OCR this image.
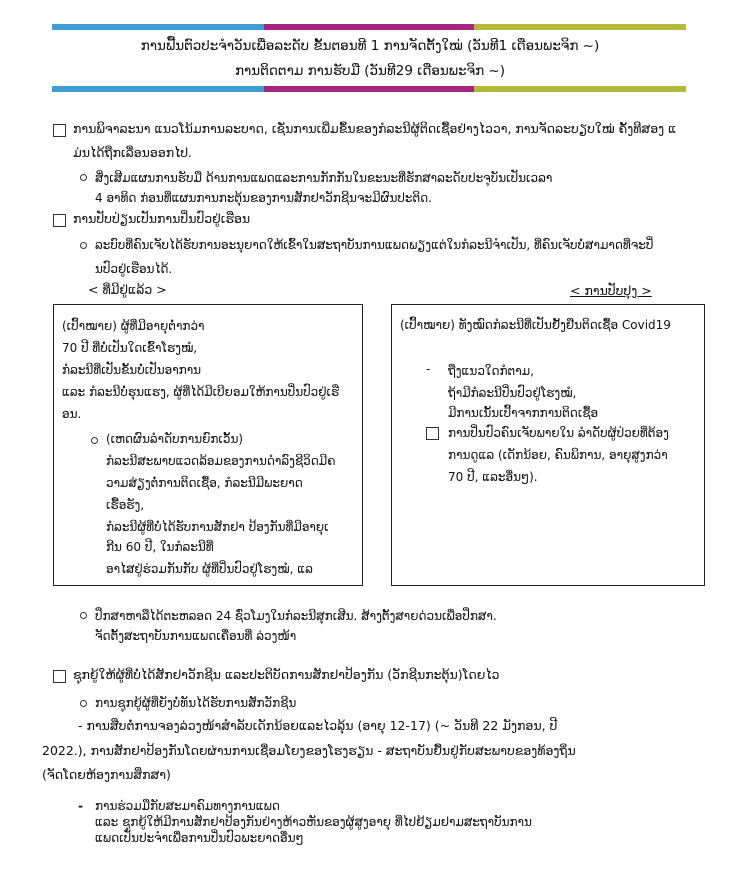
ການຟື້ນຕົວປະຈໍາວັນເພື່ອລະດັບ ຂັ້ນຕອນທີ 1 ການຈັດຕັ້ງໃໝ່ (ວັນທີ1 ເດືອນພະຈິກ ~)
ການຕິດຕາມ ການຮັບມື (ວັນທີ29 ເດືອນພະຈິກ ~)
ການພິຈາລະນາ ແນວໂນ້ມການລະບາດ, ເຊັ່ນການເພີ່ມຂຶ້ນຂອງກໍລະນີຜູ້ຕິດເຊື້ອຢ່າງໄວວາ, ການຈັດລະບຽບໃໝ່ ຄັ້ງທີສອງ ແ
ມ່ນໄດ້ຖືກເລື່ອນອອກໄປ.
ສິ່ງເສີມແຜນການຮັບມື ດ້ານການແພດແລະການກັກກັນໃນຂະນະທີ່ຮັກສາລະດັບປະຈຸບັນເປັນເວລາ
4 ອາທິດ ກ່ອນທີ່ແຜນການກະຕຸ້ນຂອງການສັກຢາວັກຊີນຈະມີຜົນປະຕິດ.
ການປັບປ່ຽນເປັນການປິ່ນປົວຢູ່ເຮືອນ
ລະບົບທີ່ຄົນເຈັບໄດ້ຮັບການອະນຸຍາດໃຫ້ເຂົ້າໃນສະຖາບັນການແພດພຽງແຕ່ໃນກໍລະນີຈໍາເປັນ, ທີ່ຄົນເຈັບບໍ່ສາມາດທີ່ຈະປິ່
ນປົວຢູ່ເຮືອນໄດ້.
< ທີ່ມີຢູ່ແລ້ວ >	< ການປັບປຸງ >
(ເປົ້າໝາຍ) ຜູ້ທີ່ມີອາຍຸຕໍ່າກວ່າ
70 ປີ ທີ່ບໍ່ເປັນໃດເຂົ້າໂຮງໝໍ,
ກໍລະນີທີ່ເປັນຂັ້ນບໍ່ເປັນອາການ
ແລະ ກໍລະນີບໍ່ຮຸນແຮງ, ຜູ້ທີ່ໄດ້ມີເບີຍອມໃຫ້ການປິ່ນປົວຢູ່ເຮື
ອນ.
(ເຫດຜົນລຳດັບການຍົກເວັ້ນ)
ກໍລະນີສະພາບແວດລ້ອມຂອງການດຳລົງຊີວິດມີຄ
ວາມສ່ຽງຕໍ່ການຕິດເຊື້ອ, ກໍລະນີມີພະຍາດ
ເຮື້ອຮັງ,
ກໍລະນີຜູ້ທີ່ບໍ່ໄດ້ຮັບການສັກຢາ ປ້ອງກັນທີ່ມີອາຍຸເ
ກີນ 60 ປີ, ໃນກໍລະນີທີ່
ອາໄສຢູ່ຮ່ວມກັນກັບ ຜູ້ທີ່ປິ່ນປົວຢູ່ໂຮງໝໍ, ແລ
(ເປົ້າໝາຍ) ທັງໝົດກໍລະນີທີ່ເປັນຢັ້ງຢືນຕິດເຊື້ອ Covid19
- ຖືງແນວໃດກໍຕາມ,
ຖ້າມີກໍລະນີປິ່ນປົວຢູ່ໂຮງໝໍ,
ມີການເນັ້ນເປົ້າຈາກການຕິດເຊື້ອ
ການປິ່ນປົວຄົນເຈັບພາຍໃນ ລໍາດັບຜູ້ປ່ວຍທີ່ຕ້ອງ
ການດູແລ (ເດັກນ້ອຍ, ຄົນພິການ, ອາຍຸສູງກວ່າ
70 ປີ, ແລະອື່ນໆ).
ປຶກສາຫາລືໄດ້ຕະຫລອດ 24 ຊົ່ວໂມງໃນກໍລະນີສຸກເສີນ. ສ້າງຕັ້ງສາຍດ່ວນເພື່ອປຶກສາ.
ຈັດຕັ້ງສະຖາບັນການແພດເຄື່ອນທີ່ ລ່ວງໜ້າ
ຊຸກຍູ້ໃຫ້ຜູ້ທີ່ບໍ່ໄດ້ສັກຢາວັກຊີນ ແລະປະຕິບັດການສັກຢາປ້ອງກັນ (ວັກຊີນກະຕຸ້ນ)ໂດຍໄວ
ການຊຸກຍູ້ຜູ້ທີ່ຍັງບໍ່ທັນໄດ້ຮັບການສັກວັກຊີນ
- ການສືບຕໍ່ການຈອງລ່ວງໜ້າສໍາລັບເດັກນ້ອຍແລະໄວລຸ້ນ (ອາຍຸ 12-17) (~ ວັນທີ 22 ມັງກອນ, ປີ
2022.), ການສັກຢາປ້ອງກັນໂດຍຜ່ານການເຊື່ອມໂຍງຂອງໂຮງຮຽນ - ສະຖາບັນຍື້ນຢູ່ກັບສະພາບຂອງທ້ອງຖິ່ນ
(ຈັດໂດຍຫ້ອງການສຶກສາ)
- ການຮ່ວມມືກັບສະມາຄົມທາງການແພດ
ແລະ ຊຸກຍູ້ໃຫ້ມີການສັກຢາປ້ອງກັນຢ່າງຫ້າວຫັນຂອງຜູ້ສູງອາຍຸ ທີ່ໄປຢ້ຽມຢາມສະຖາບັນການ
ແພດເປັນປະຈຳເພື່ອການປິ່ນປົວພະຍາດອື່ນໆ
